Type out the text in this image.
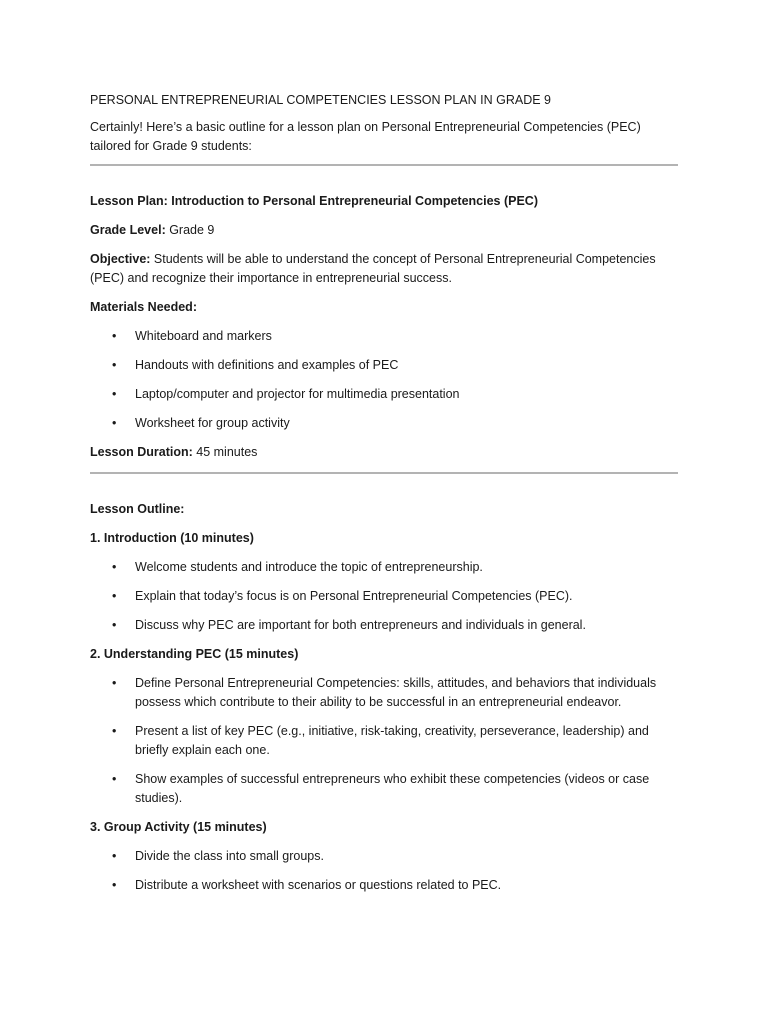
PERSONAL ENTREPRENEURIAL COMPETENCIES LESSON PLAN IN GRADE 9

Certainly! Here’s a basic outline for a lesson plan on Personal Entrepreneurial Competencies (PEC) tailored for Grade 9 students:

Lesson Plan: Introduction to Personal Entrepreneurial Competencies (PEC)

Grade Level: Grade 9

Objective: Students will be able to understand the concept of Personal Entrepreneurial Competencies (PEC) and recognize their importance in entrepreneurial success.

Materials Needed:

• Whiteboard and markers
• Handouts with definitions and examples of PEC
• Laptop/computer and projector for multimedia presentation
• Worksheet for group activity

Lesson Duration: 45 minutes

Lesson Outline:

1. Introduction (10 minutes)

• Welcome students and introduce the topic of entrepreneurship.
• Explain that today’s focus is on Personal Entrepreneurial Competencies (PEC).
• Discuss why PEC are important for both entrepreneurs and individuals in general.

2. Understanding PEC (15 minutes)

• Define Personal Entrepreneurial Competencies: skills, attitudes, and behaviors that individuals possess which contribute to their ability to be successful in an entrepreneurial endeavor.
• Present a list of key PEC (e.g., initiative, risk-taking, creativity, perseverance, leadership) and briefly explain each one.
• Show examples of successful entrepreneurs who exhibit these competencies (videos or case studies).

3. Group Activity (15 minutes)

• Divide the class into small groups.
• Distribute a worksheet with scenarios or questions related to PEC.
